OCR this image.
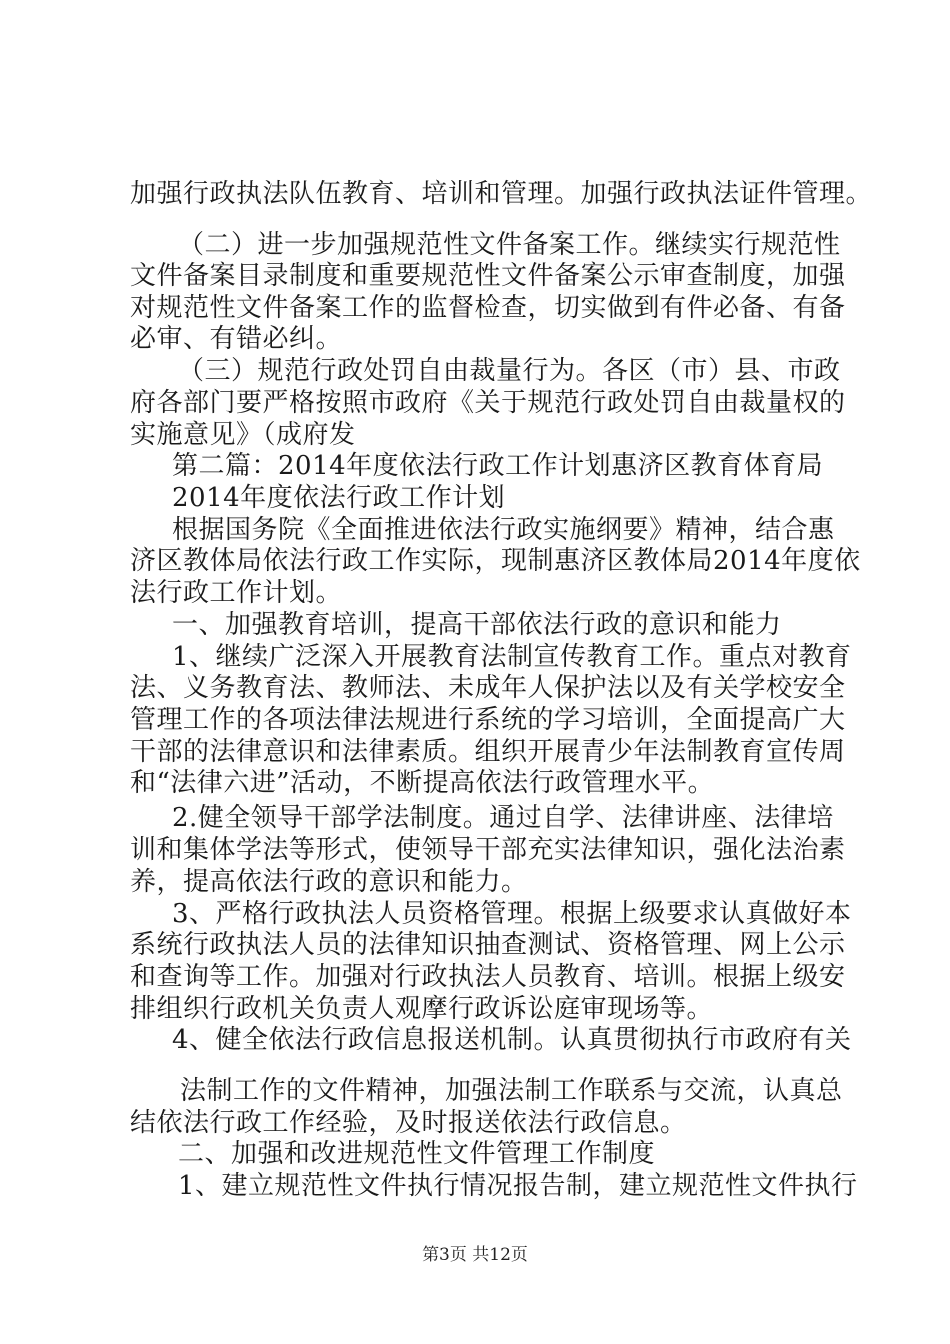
加强行政执法队伍教育、培训和管理。加强行政执法证件管理。
（二）进一步加强规范性文件备案工作。继续实行规范性
文件备案目录制度和重要规范性文件备案公示审查制度，加强
对规范性文件备案工作的监督检查，切实做到有件必备、有备
必审、有错必纠。
（三）规范行政处罚自由裁量行为。各区（市）县、市政
府各部门要严格按照市政府《关于规范行政处罚自由裁量权的
实施意见》（成府发
第二篇：2014年度依法行政工作计划惠济区教育体育局
2014年度依法行政工作计划
根据国务院《全面推进依法行政实施纲要》精神，结合惠
济区教体局依法行政工作实际，现制惠济区教体局2014年度依
法行政工作计划。
一、加强教育培训，提高干部依法行政的意识和能力
1、继续广泛深入开展教育法制宣传教育工作。重点对教育
法、义务教育法、教师法、未成年人保护法以及有关学校安全
管理工作的各项法律法规进行系统的学习培训，全面提高广大
干部的法律意识和法律素质。组织开展青少年法制教育宣传周
和“法律六进”活动，不断提高依法行政管理水平。
2.健全领导干部学法制度。通过自学、法律讲座、法律培
训和集体学法等形式，使领导干部充实法律知识，强化法治素
养，提高依法行政的意识和能力。
3、严格行政执法人员资格管理。根据上级要求认真做好本
系统行政执法人员的法律知识抽查测试、资格管理、网上公示
和查询等工作。加强对行政执法人员教育、培训。根据上级安
排组织行政机关负责人观摩行政诉讼庭审现场等。
4、健全依法行政信息报送机制。认真贯彻执行市政府有关
法制工作的文件精神，加强法制工作联系与交流，认真总
结依法行政工作经验，及时报送依法行政信息。
二、加强和改进规范性文件管理工作制度
1、建立规范性文件执行情况报告制，建立规范性文件执行
第3页 共12页
